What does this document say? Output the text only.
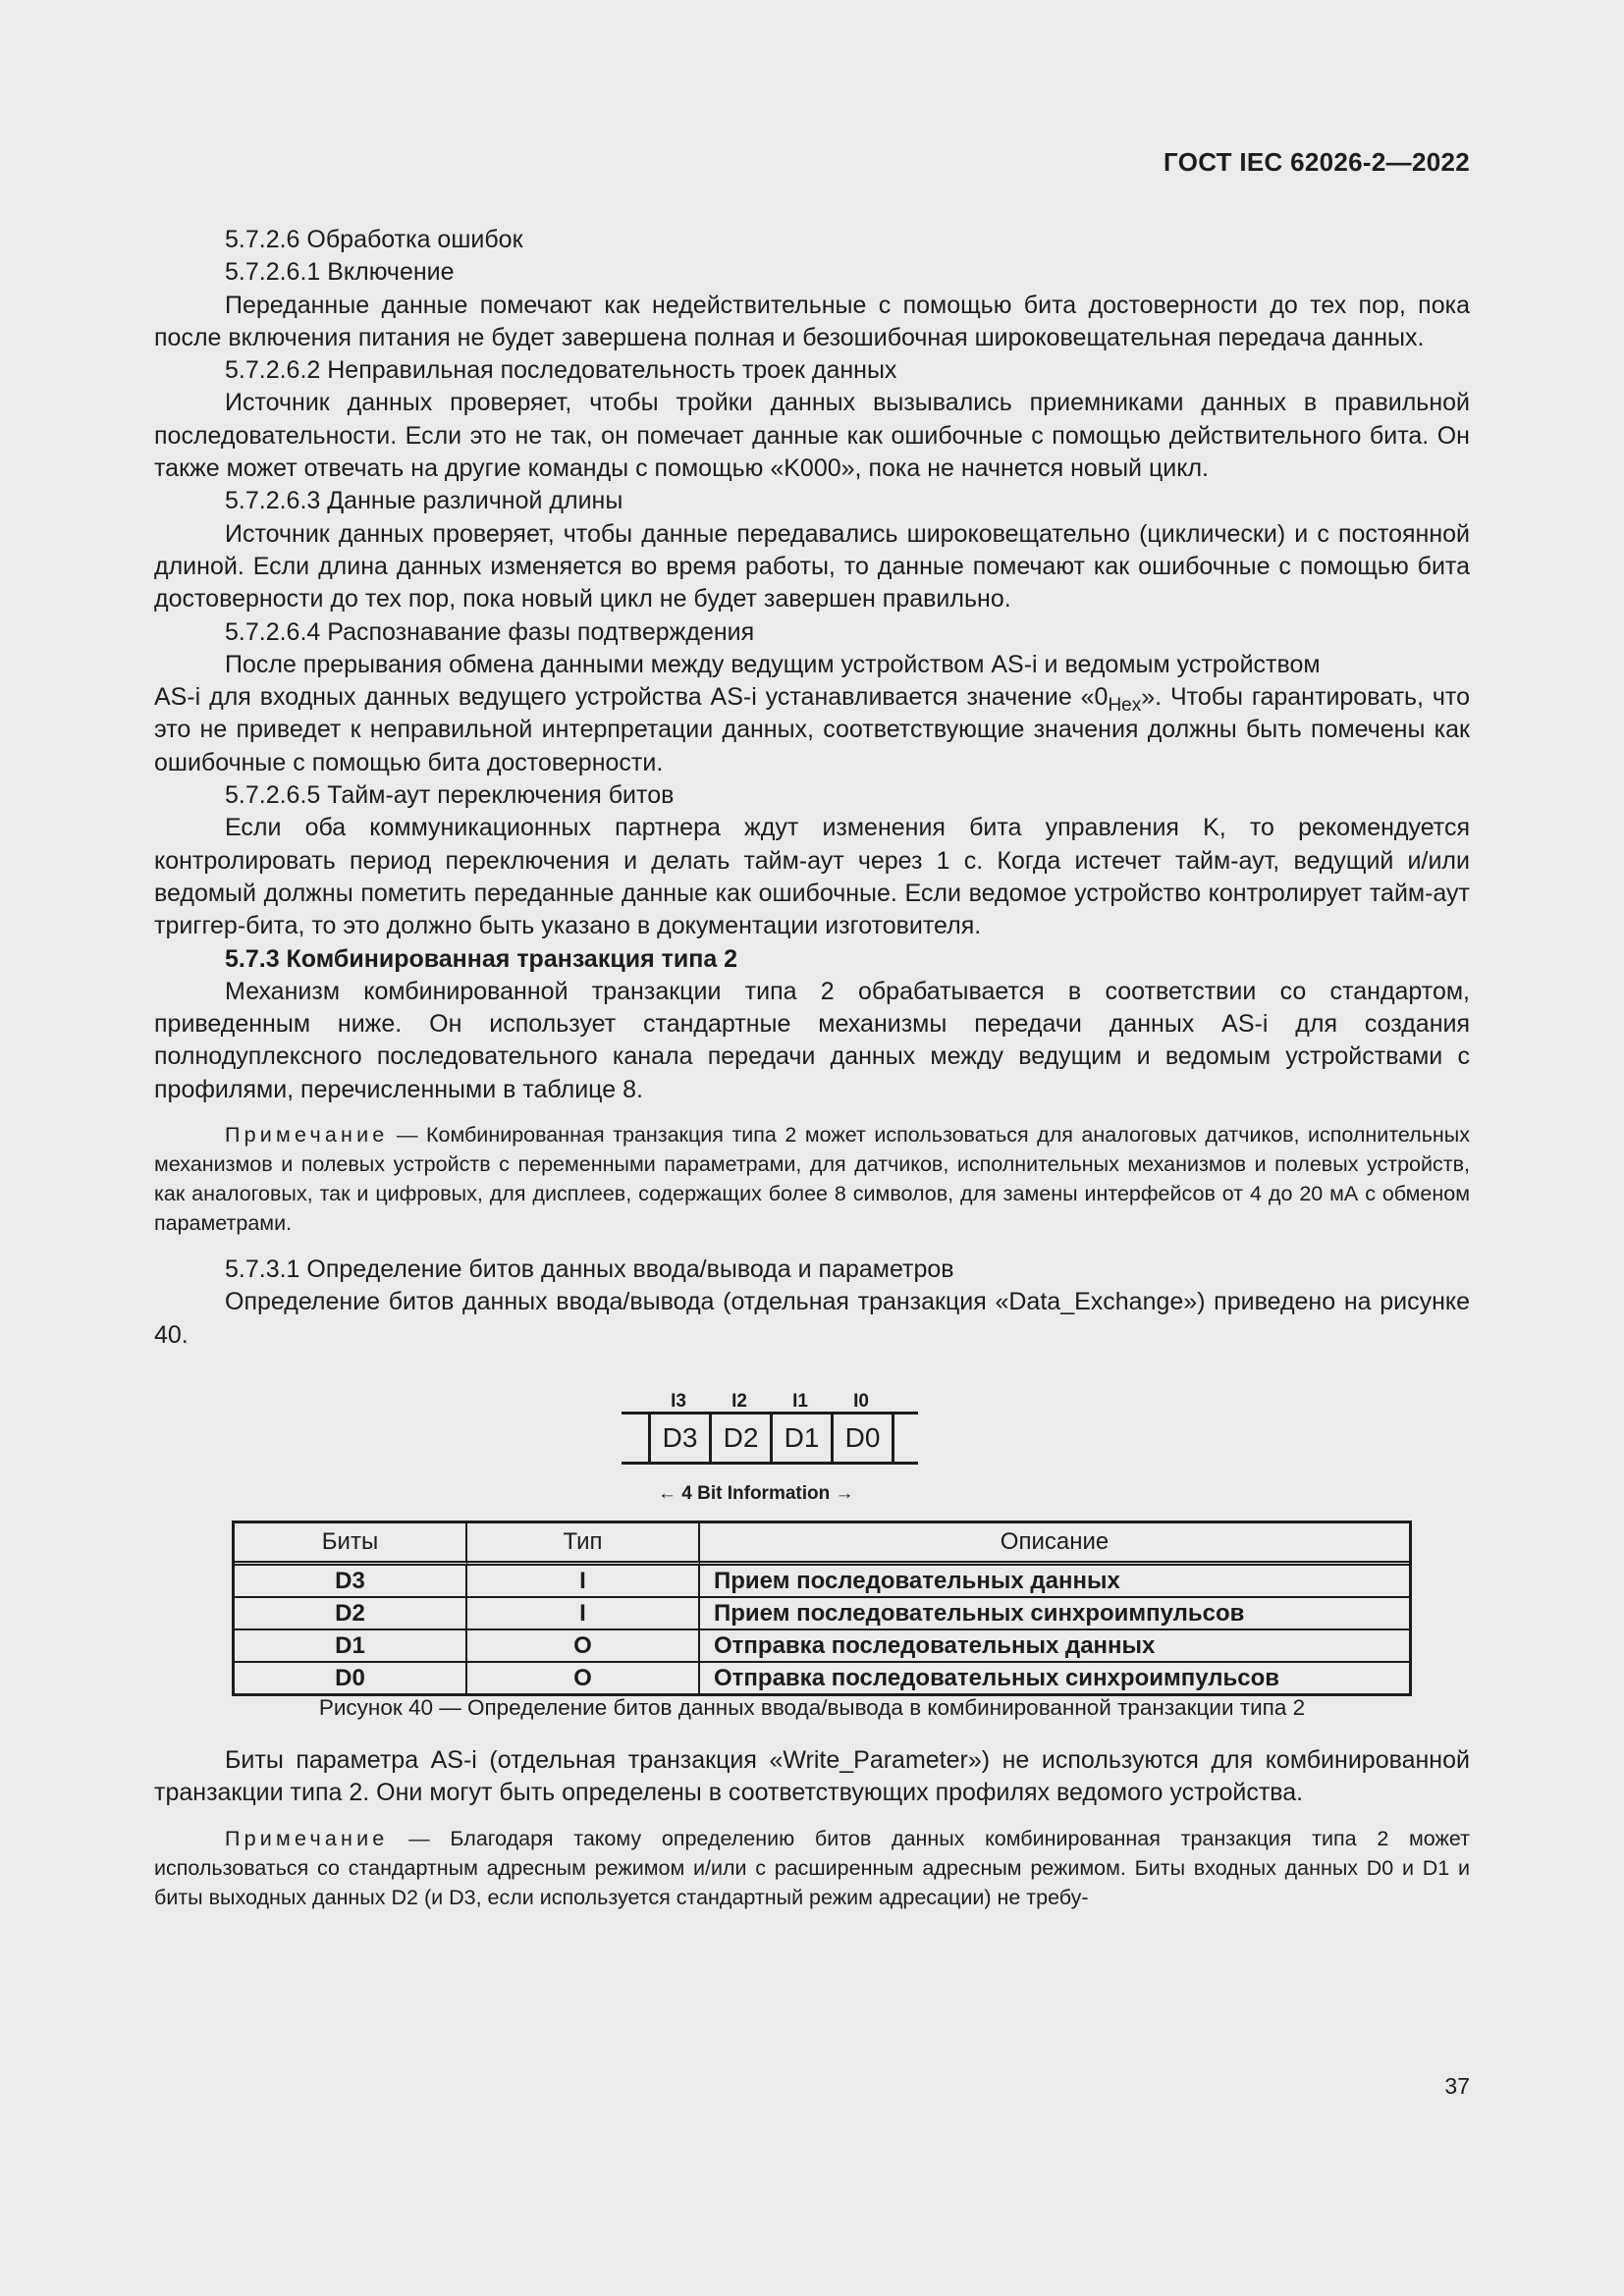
ГОСТ IEC 62026-2—2022

5.7.2.6 Обработка ошибок

5.7.2.6.1 Включение

Переданные данные помечают как недействительные с помощью бита достоверности до тех пор, пока после включения питания не будет завершена полная и безошибочная широковещательная передача данных.

5.7.2.6.2 Неправильная последовательность троек данных

Источник данных проверяет, чтобы тройки данных вызывались приемниками данных в правильной последовательности. Если это не так, он помечает данные как ошибочные с помощью действительного бита. Он также может отвечать на другие команды с помощью «K000», пока не начнется новый цикл.

5.7.2.6.3 Данные различной длины

Источник данных проверяет, чтобы данные передавались широковещательно (циклически) и с постоянной длиной. Если длина данных изменяется во время работы, то данные помечают как ошибочные с помощью бита достоверности до тех пор, пока новый цикл не будет завершен правильно.

5.7.2.6.4 Распознавание фазы подтверждения

После прерывания обмена данными между ведущим устройством AS-i и ведомым устройством

AS-i для входных данных ведущего устройства AS-i устанавливается значение «$0_{Hex}$». Чтобы гарантировать, что это не приведет к неправильной интерпретации данных, соответствующие значения должны быть помечены как ошибочные с помощью бита достоверности.

5.7.2.6.5 Тайм-аут переключения битов

Если оба коммуникационных партнера ждут изменения бита управления K, то рекомендуется контролировать период переключения и делать тайм-аут через 1 с. Когда истечет тайм-аут, ведущий и/или ведомый должны пометить переданные данные как ошибочные. Если ведомое устройство контролирует тайм-аут триггер-бита, то это должно быть указано в документации изготовителя.

5.7.3 Комбинированная транзакция типа 2

Механизм комбинированной транзакции типа 2 обрабатывается в соответствии со стандартом, приведенным ниже. Он использует стандартные механизмы передачи данных AS-i для создания полнодуплексного последовательного канала передачи данных между ведущим и ведомым устройствами с профилями, перечисленными в таблице 8.

Примечание — Комбинированная транзакция типа 2 может использоваться для аналоговых датчиков, исполнительных механизмов и полевых устройств с переменными параметрами, для датчиков, исполнительных механизмов и полевых устройств, как аналоговых, так и цифровых, для дисплеев, содержащих более 8 символов, для замены интерфейсов от 4 до 20 мА с обменом параметрами.

5.7.3.1 Определение битов данных ввода/вывода и параметров

Определение битов данных ввода/вывода (отдельная транзакция «Data_Exchange») приведено на рисунке 40.

I3	I2	I1	I0
D3 D2 D1 D0
← 4 Bit Information →
Биты	Тип	Описание
D3	I	Прием последовательных данных
D2	I	Прием последовательных синхроимпульсов
D1	O	Отправка последовательных данных
D0	O	Отправка последовательных синхроимпульсов
Рисунок 40 — Определение битов данных ввода/вывода в комбинированной транзакции типа 2

Биты параметра AS-i (отдельная транзакция «Write_Parameter») не используются для комбинированной транзакции типа 2. Они могут быть определены в соответствующих профилях ведомого устройства.

Примечание — Благодаря такому определению битов данных комбинированная транзакция типа 2 может использоваться со стандартным адресным режимом и/или с расширенным адресным режимом. Биты входных данных D0 и D1 и биты выходных данных D2 (и D3, если используется стандартный режим адресации) не требу-

37
